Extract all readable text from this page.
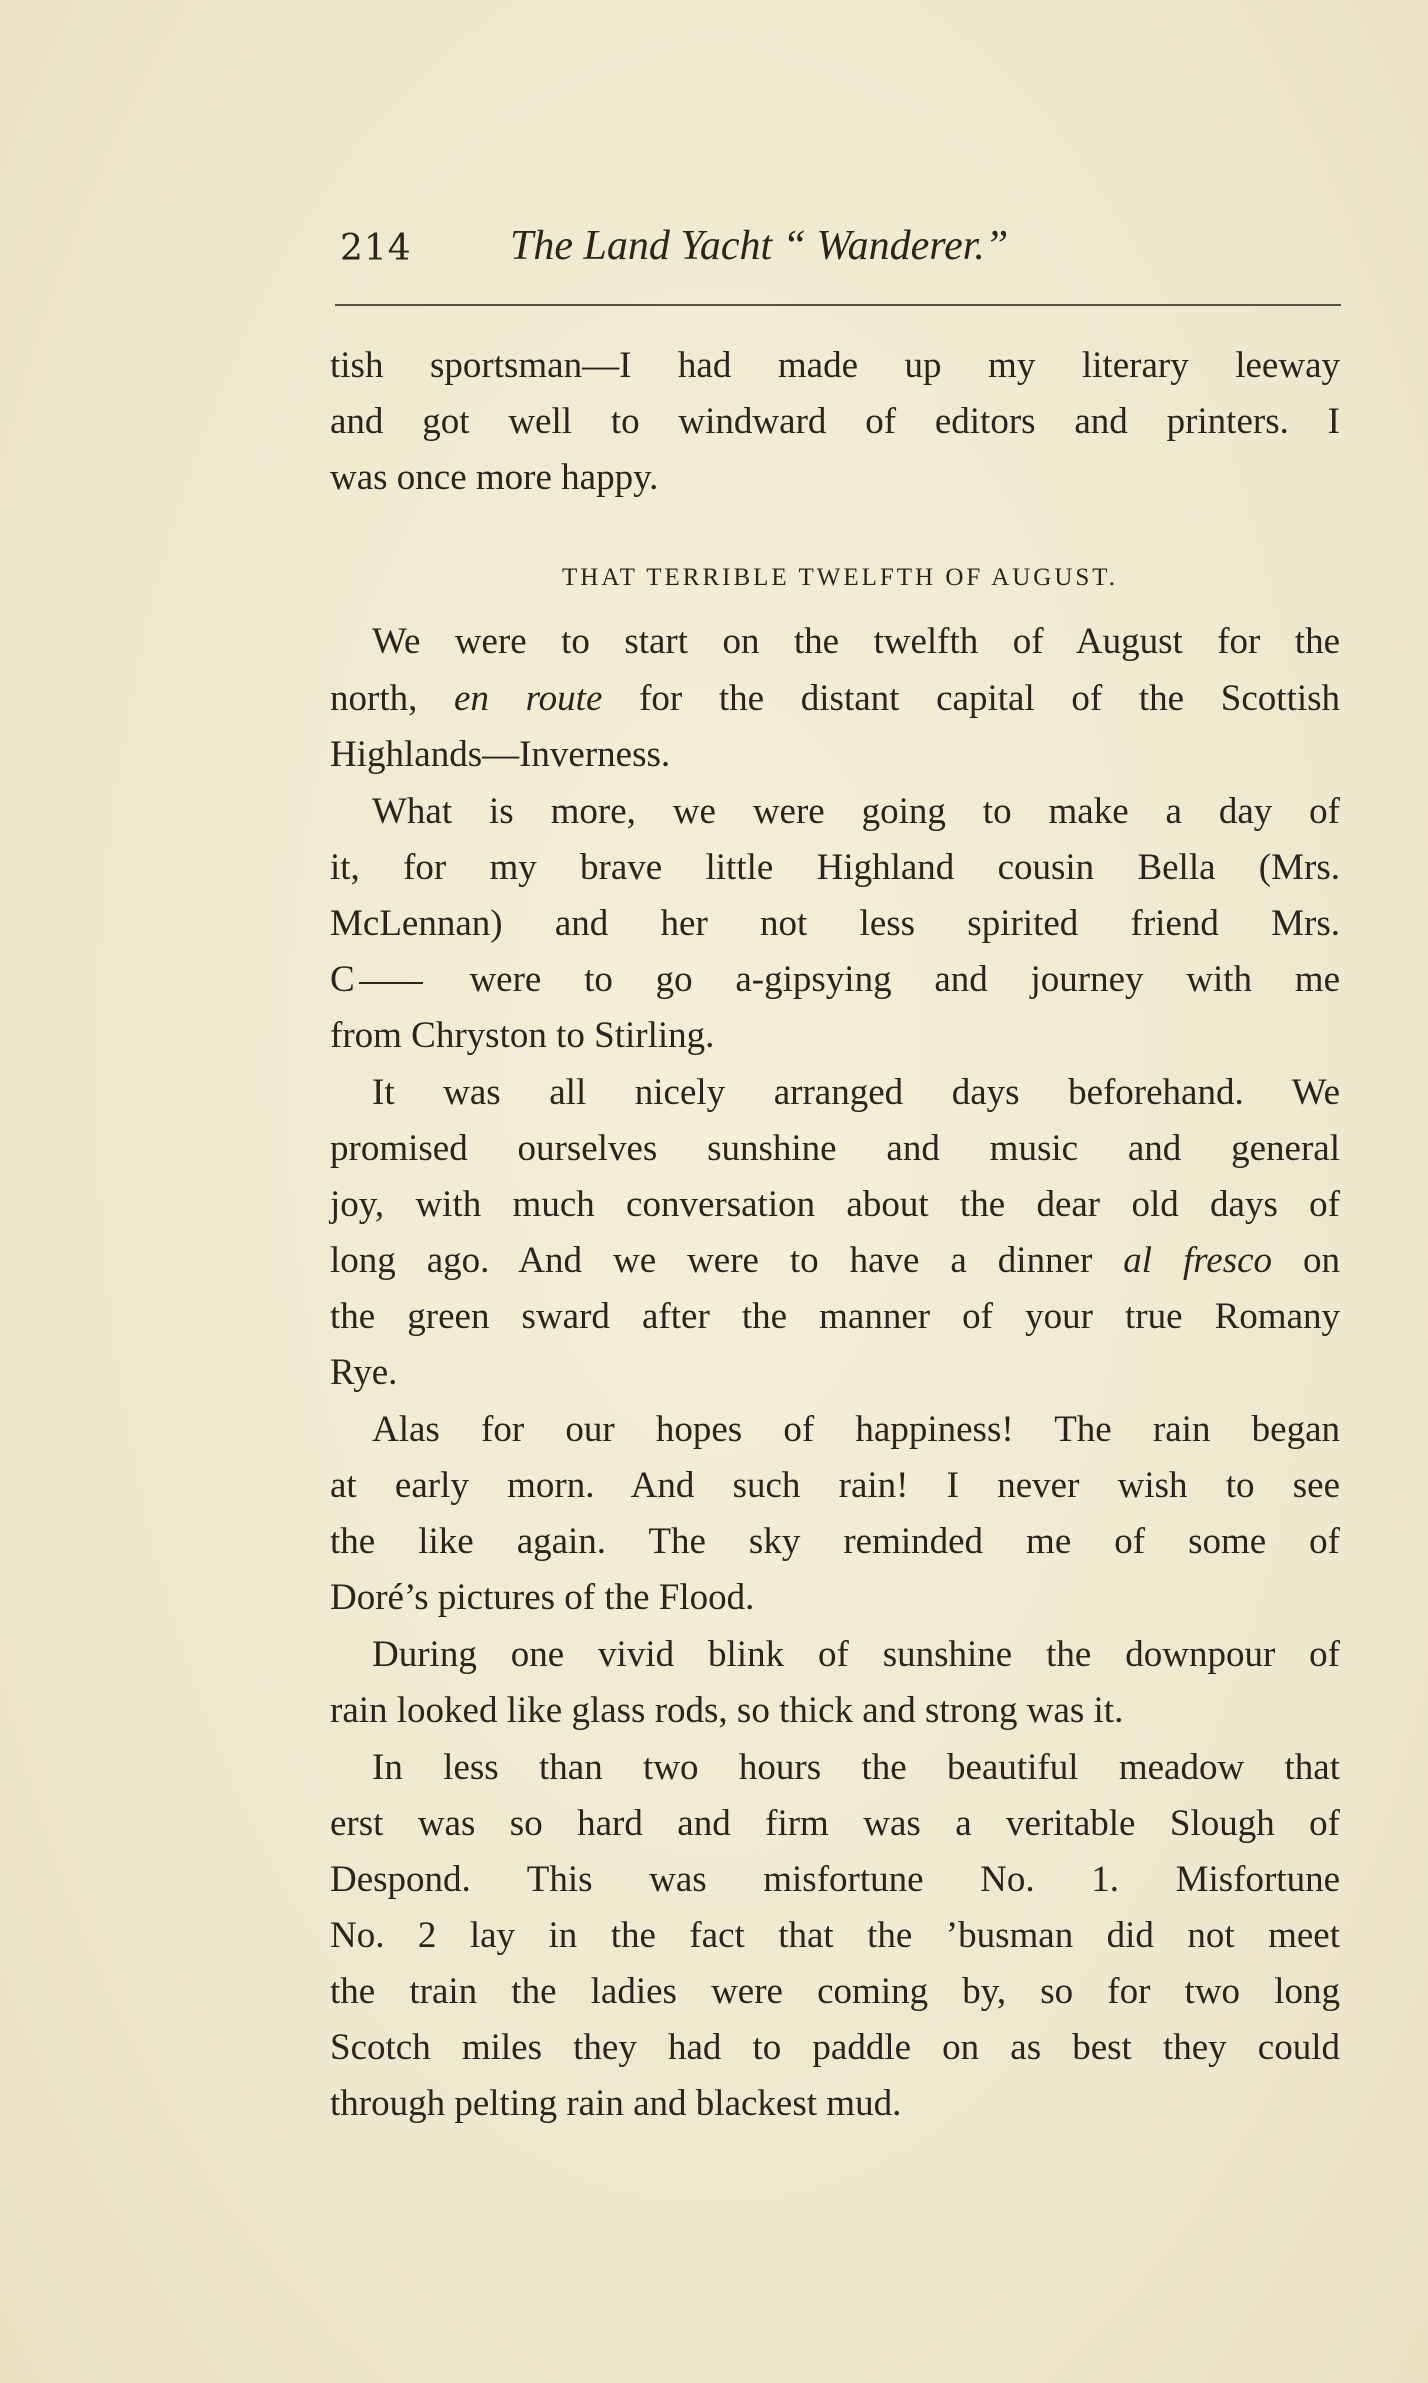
214 The Land Yacht “ Wanderer.”
tish sportsman—I had made up my literary leeway
and got well to windward of editors and printers. I
was once more happy.
THAT TERRIBLE TWELFTH OF AUGUST.
We were to start on the twelfth of August for the
north, en route for the distant capital of the Scottish
Highlands—Inverness.
What is more, we were going to make a day of
it, for my brave little Highland cousin Bella (Mrs.
McLennan) and her not less spirited friend Mrs.
C	were to go a-gipsying and journey with me
from Chryston to Stirling.
It was all nicely arranged days beforehand. We
promised ourselves sunshine and music and general
joy, with much conversation about the dear old days of
long ago. And we were to have a dinner al fresco on
the green sward after the manner of your true Romany
Rye.
Alas for our hopes of happiness! The rain began
at early morn. And such rain! I never wish to see
the like again. The sky reminded me of some of
Doré’s pictures of the Flood.
During one vivid blink of sunshine the downpour of
rain looked like glass rods, so thick and strong was it.
In less than two hours the beautiful meadow that
erst was so hard and firm was a veritable Slough of
Despond. This was misfortune No. 1. Misfortune
No. 2 lay in the fact that the ’busman did not meet
the train the ladies were coming by, so for two long
Scotch miles they had to paddle on as best they could
through pelting rain and blackest mud.
